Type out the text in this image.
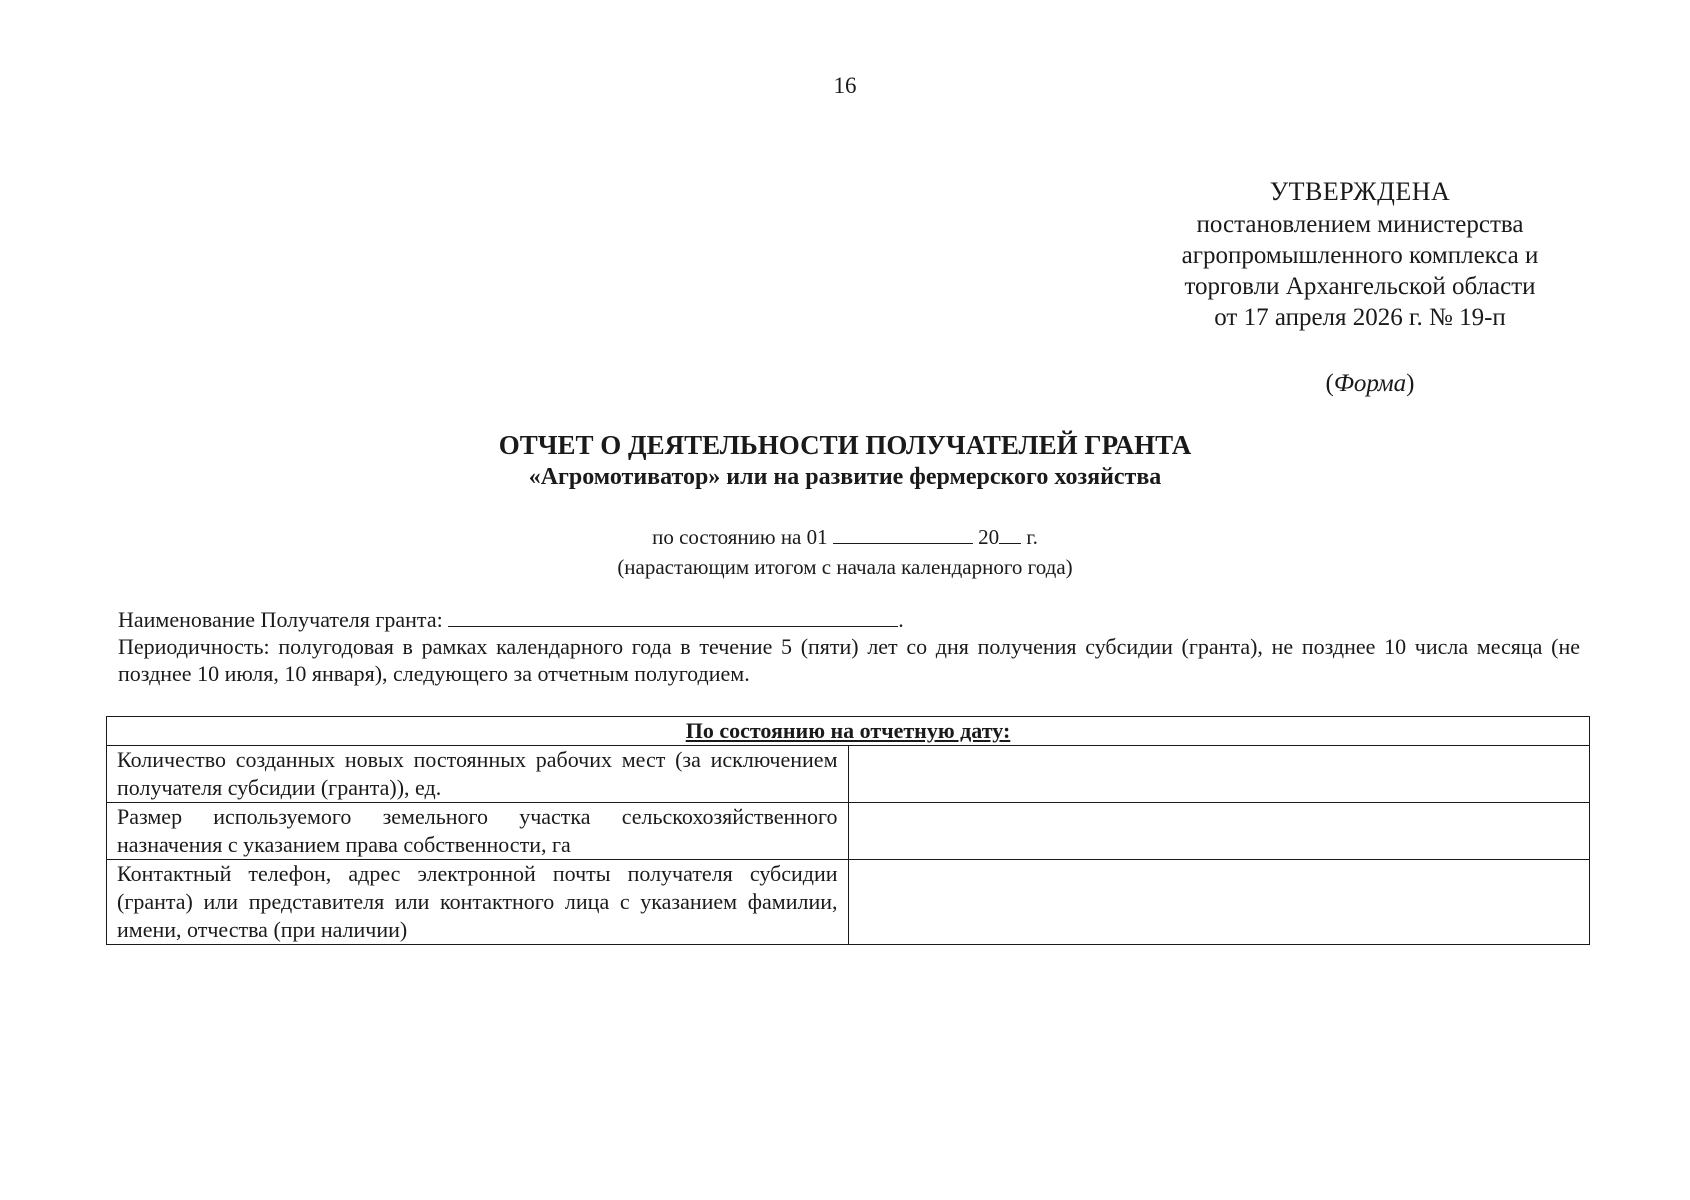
16
УТВЕРЖДЕНА
постановлением министерства
агропромышленного комплекса и
торговли Архангельской области
от 17 апреля 2026 г. № 19-п
(Форма)
ОТЧЕТ О ДЕЯТЕЛЬНОСТИ ПОЛУЧАТЕЛЕЙ ГРАНТА
«Агромотиватор» или на развитие фермерского хозяйства
по состоянию на 01	20 г.
(нарастающим итогом с начала календарного года)
Наименование Получателя гранта:	.
Периодичность: полугодовая в рамках календарного года в течение 5 (пяти) лет со дня получения субсидии (гранта), не позднее 10 числа месяца (не позднее 10 июля, 10 января), следующего за отчетным полугодием.
По состоянию на отчетную дату:	
Количество созданных новых постоянных рабочих мест (за исключением получателя субсидии (гранта)), ед.	
Размер используемого земельного участка сельскохозяйственного назначения с указанием права собственности, га	
Контактный телефон, адрес электронной почты получателя субсидии (гранта) или представителя или контактного лица с указанием фамилии, имени, отчества (при наличии)	
